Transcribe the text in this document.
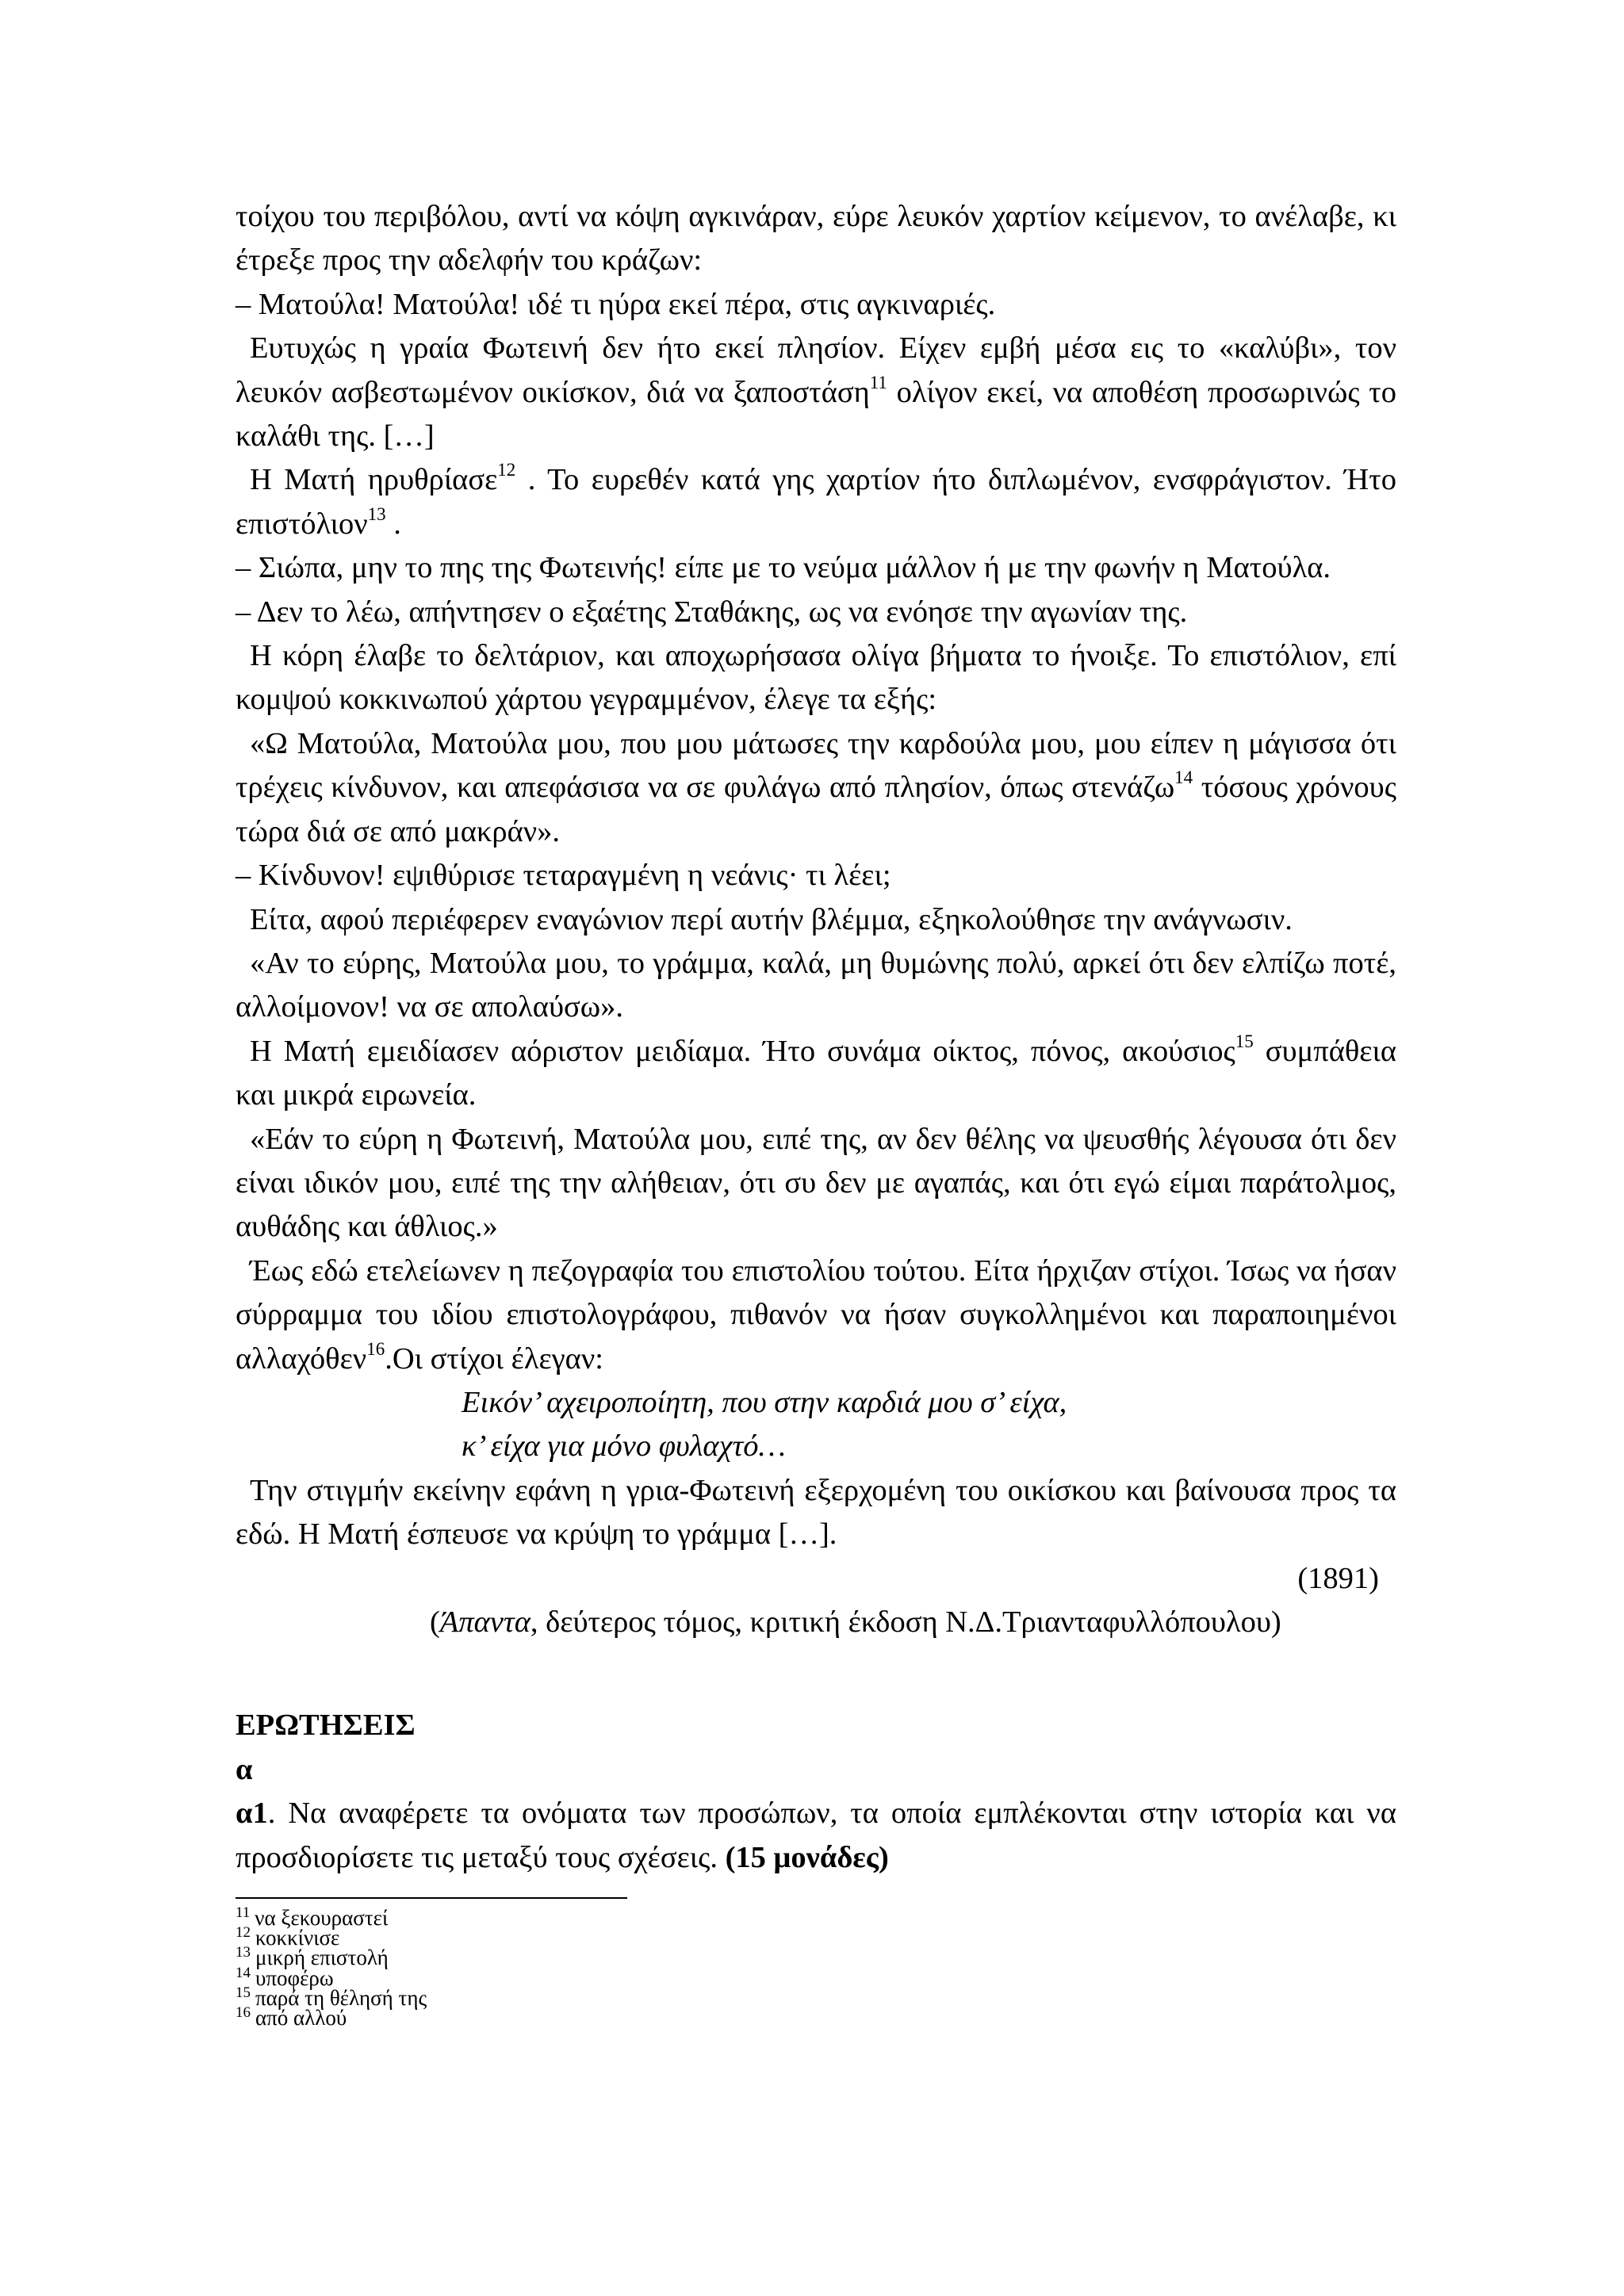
τοίχου του περιβόλου, αντί να κόψη αγκινάραν, εύρε λευκόν χαρτίον κείμενον, το ανέλαβε, κι έτρεξε προς την αδελφήν του κράζων:

– Ματούλα! Ματούλα! ιδέ τι ηύρα εκεί πέρα, στις αγκιναριές.

Ευτυχώς η γραία Φωτεινή δεν ήτο εκεί πλησίον. Είχεν εμβή μέσα εις το «καλύβι», τον λευκόν ασβεστωμένον οικίσκον, διά να ξαποστάση$^{11}$ ολίγον εκεί, να αποθέση προσωρινώς το καλάθι της. […]

Η Ματή ηρυθρίασε$^{12}$ . Το ευρεθέν κατά γης χαρτίον ήτο διπλωμένον, ενσφράγιστον. Ήτο επιστόλιον$^{13}$ .

– Σιώπα, μην το πης της Φωτεινής! είπε με το νεύμα μάλλον ή με την φωνήν η Ματούλα.

– Δεν το λέω, απήντησεν ο εξαέτης Σταθάκης, ως να ενόησε την αγωνίαν της.

Η κόρη έλαβε το δελτάριον, και αποχωρήσασα ολίγα βήματα το ήνοιξε. Το επιστόλιον, επί κομψού κοκκινωπού χάρτου γεγραμμένον, έλεγε τα εξής:

«Ω Ματούλα, Ματούλα μου, που μου μάτωσες την καρδούλα μου, μου είπεν η μάγισσα ότι τρέχεις κίνδυνον, και απεφάσισα να σε φυλάγω από πλησίον, όπως στενάζω$^{14}$ τόσους χρόνους τώρα διά σε από μακράν».

– Κίνδυνον! εψιθύρισε τεταραγμένη η νεάνις· τι λέει;

Είτα, αφού περιέφερεν εναγώνιον περί αυτήν βλέμμα, εξηκολούθησε την ανάγνωσιν.

«Αν το εύρης, Ματούλα μου, το γράμμα, καλά, μη θυμώνης πολύ, αρκεί ότι δεν ελπίζω ποτέ, αλλοίμονον! να σε απολαύσω».

Η Ματή εμειδίασεν αόριστον μειδίαμα. Ήτο συνάμα οίκτος, πόνος, ακούσιος$^{15}$ συμπάθεια και μικρά ειρωνεία.

«Εάν το εύρη η Φωτεινή, Ματούλα μου, ειπέ της, αν δεν θέλης να ψευσθής λέγουσα ότι δεν είναι ιδικόν μου, ειπέ της την αλήθειαν, ότι συ δεν με αγαπάς, και ότι εγώ είμαι παράτολμος, αυθάδης και άθλιος.»

Έως εδώ ετελείωνεν η πεζογραφία του επιστολίου τούτου. Είτα ήρχιζαν στίχοι. Ίσως να ήσαν σύρραμμα του ιδίου επιστολογράφου, πιθανόν να ήσαν συγκολλημένοι και παραποιημένοι αλλαχόθεν$^{16}$.Οι στίχοι έλεγαν:

Εικόν’ αχειροποίητη, που στην καρδιά μου σ’ είχα,

κ’ είχα για μόνο φυλαχτό…

Την στιγμήν εκείνην εφάνη η γρια-Φωτεινή εξερχομένη του οικίσκου και βαίνουσα προς τα εδώ. Η Ματή έσπευσε να κρύψη το γράμμα […].

(1891)

(Άπαντα, δεύτερος τόμος, κριτική έκδοση Ν.Δ.Τριανταφυλλόπουλου)

ΕΡΩΤΗΣΕΙΣ
α

α1. Να αναφέρετε τα ονόματα των προσώπων, τα οποία εμπλέκονται στην ιστορία και να προσδιορίσετε τις μεταξύ τους σχέσεις. (15 μονάδες)

$^{11}$ να ξεκουραστεί

$^{12}$ κοκκίνισε

$^{13}$ μικρή επιστολή

$^{14}$ υποφέρω

$^{15}$ παρά τη θέλησή της

$^{16}$ από αλλού
